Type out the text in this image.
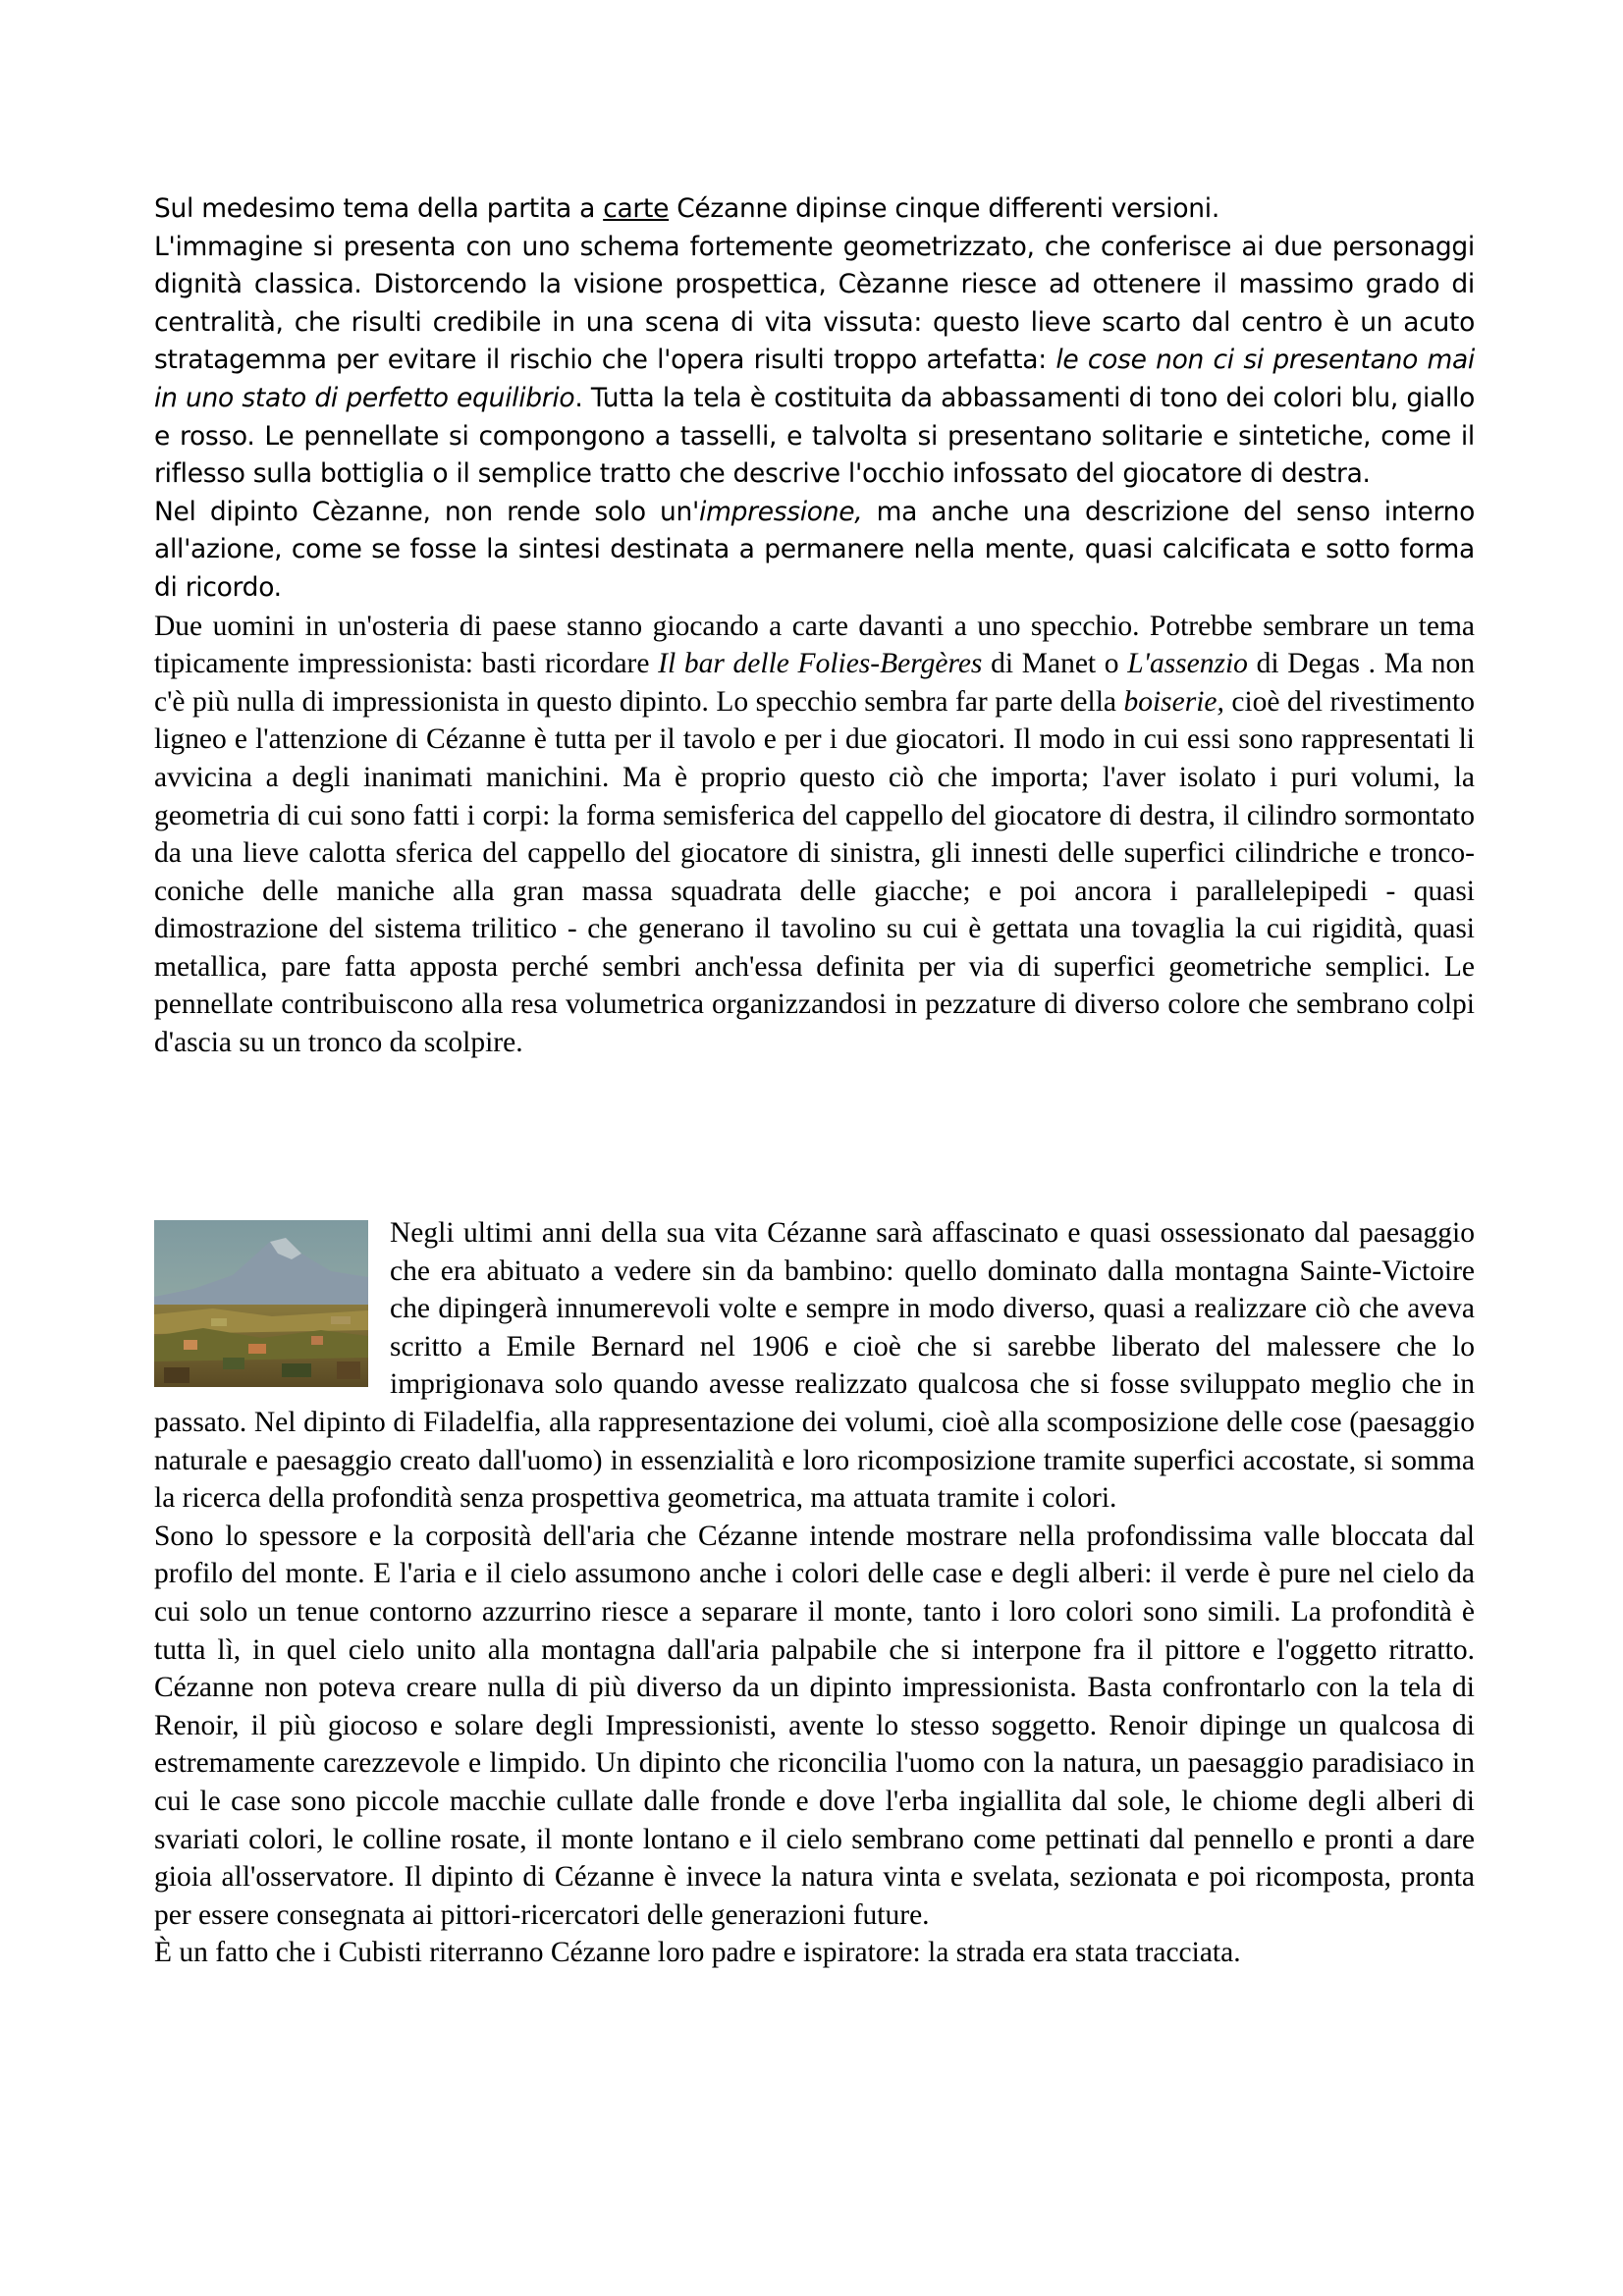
Sul medesimo tema della partita a carte Cézanne dipinse cinque differenti versioni.

L'immagine si presenta con uno schema fortemente geometrizzato, che conferisce ai due personaggi dignità classica. Distorcendo la visione prospettica, Cèzanne riesce ad ottenere il massimo grado di centralità, che risulti credibile in una scena di vita vissuta: questo lieve scarto dal centro è un acuto stratagemma per evitare il rischio che l'opera risulti troppo artefatta: le cose non ci si presentano mai in uno stato di perfetto equilibrio. Tutta la tela è costituita da abbassamenti di tono dei colori blu, giallo e rosso. Le pennellate si compongono a tasselli, e talvolta si presentano solitarie e sintetiche, come il riflesso sulla bottiglia o il semplice tratto che descrive l'occhio infossato del giocatore di destra.

Nel dipinto Cèzanne, non rende solo un'impressione, ma anche una descrizione del senso interno all'azione, come se fosse la sintesi destinata a permanere nella mente, quasi calcificata e sotto forma di ricordo.

Due uomini in un'osteria di paese stanno giocando a carte davanti a uno specchio. Potrebbe sembrare un tema tipicamente impressionista: basti ricordare Il bar delle Folies-Bergères di Manet o L'assenzio di Degas . Ma non c'è più nulla di impressionista in questo dipinto. Lo specchio sembra far parte della boiserie, cioè del rivestimento ligneo e l'attenzione di Cézanne è tutta per il tavolo e per i due giocatori. Il modo in cui essi sono rappresentati li avvicina a degli inanimati manichini. Ma è proprio questo ciò che importa; l'aver isolato i puri volumi, la geometria di cui sono fatti i corpi: la forma semisferica del cappello del giocatore di destra, il cilindro sormontato da una lieve calotta sferica del cappello del giocatore di sinistra, gli innesti delle superfici cilindriche e tronco-coniche delle maniche alla gran massa squadrata delle giacche; e poi ancora i parallelepipedi - quasi dimostrazione del sistema trilitico - che generano il tavolino su cui è gettata una tovaglia la cui rigidità, quasi metallica, pare fatta apposta perché sembri anch'essa definita per via di superfici geometriche semplici. Le pennellate contribuiscono alla resa volumetrica organizzandosi in pezzature di diverso colore che sembrano colpi d'ascia su un tronco da scolpire.

Negli ultimi anni della sua vita Cézanne sarà affascinato e quasi ossessionato dal paesaggio che era abituato a vedere sin da bambino: quello dominato dalla montagna Sainte-Victoire che dipingerà innumerevoli volte e sempre in modo diverso, quasi a realizzare ciò che aveva scritto a Emile Bernard nel 1906 e cioè che si sarebbe liberato del malessere che lo imprigionava solo quando avesse realizzato qualcosa che si fosse sviluppato meglio che in passato. Nel dipinto di Filadelfia, alla rappresentazione dei volumi, cioè alla scomposizione delle cose (paesaggio naturale e paesaggio creato dall'uomo) in essenzialità e loro ricomposizione tramite superfici accostate, si somma la ricerca della profondità senza prospettiva geometrica, ma attuata tramite i colori.

Sono lo spessore e la corposità dell'aria che Cézanne intende mostrare nella profondissima valle bloccata dal profilo del monte. E l'aria e il cielo assumono anche i colori delle case e degli alberi: il verde è pure nel cielo da cui solo un tenue contorno azzurrino riesce a separare il monte, tanto i loro colori sono simili. La profondità è tutta lì, in quel cielo unito alla montagna dall'aria palpabile che si interpone fra il pittore e l'oggetto ritratto. Cézanne non poteva creare nulla di più diverso da un dipinto impressionista. Basta confrontarlo con la tela di Renoir, il più giocoso e solare degli Impressionisti, avente lo stesso soggetto. Renoir dipinge un qualcosa di estremamente carezzevole e limpido. Un dipinto che riconcilia l'uomo con la natura, un paesaggio paradisiaco in cui le case sono piccole macchie cullate dalle fronde e dove l'erba ingiallita dal sole, le chiome degli alberi di svariati colori, le colline rosate, il monte lontano e il cielo sembrano come pettinati dal pennello e pronti a dare gioia all'osservatore. Il dipinto di Cézanne è invece la natura vinta e svelata, sezionata e poi ricomposta, pronta per essere consegnata ai pittori-ricercatori delle generazioni future.

È un fatto che i Cubisti riterranno Cézanne loro padre e ispiratore: la strada era stata tracciata.
